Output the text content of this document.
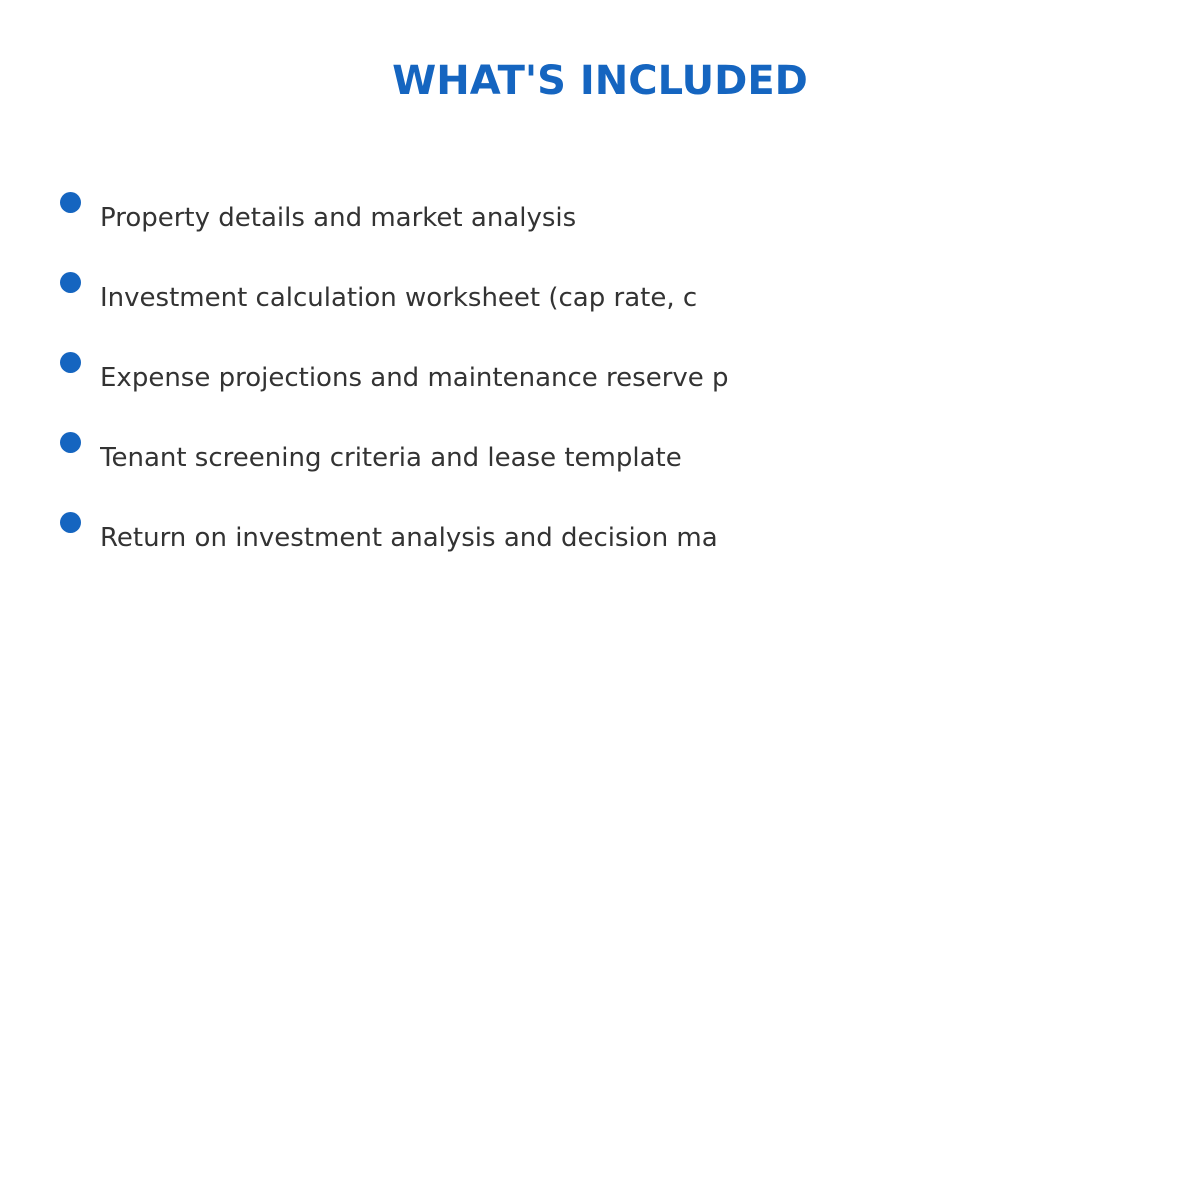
WHAT'S INCLUDED
Property details and market analysis
Investment calculation worksheet (cap rate, c
Expense projections and maintenance reserve p
Tenant screening criteria and lease template
Return on investment analysis and decision ma
